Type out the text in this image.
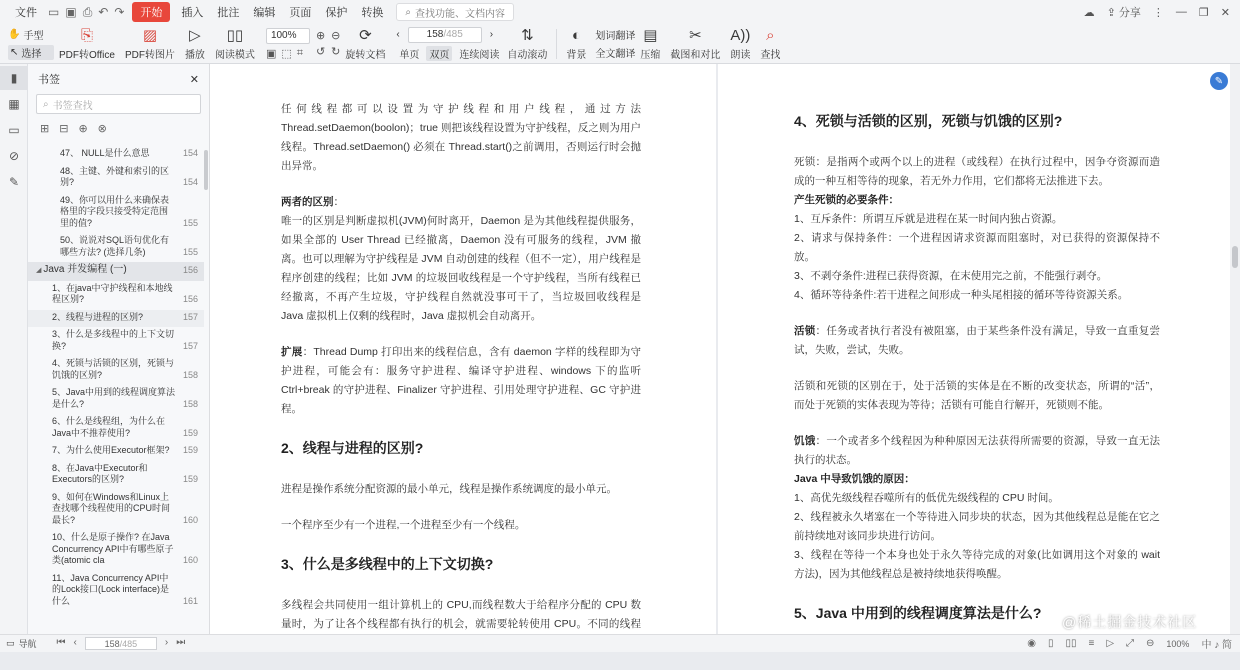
文件 ▭ ▣ ⎙ ↶ ↷	开始	插入	批注	编辑	页面	保护	转换	⌕ 查找功能、文档内容	☁ ⇪ 分享 ⋮ — ❐ ✕
✋ 手型
↖ 选择
⎘
PDF转Office
▨
PDF转图片
▷
播放
▯▯
阅读模式
100%
▣ ⬚ ⌗
⊕ ⊖
↺ ↻
⟳
旋转文档
‹	158 /485	›
单页	双页	连续阅读
⇅
自动滚动
◐
背景
划词翻译
全文翻译
▤
压缩
✂
截图和对比
A))
朗读
⌕
查找
▮
▦
▭
⊘
✎
书签	✕
⌕ 书签查找
⊞ ⊟ ⊕ ⊗
47、 NULL是什么意思	154
48、主键、外键和索引的区别?	154
49、你可以用什么来确保表格里的字段只接受特定范围里的值?	155
50、说说对SQL语句优化有哪些方法? (选择几条)	155
◢ Java 并发编程 (一)	156
1、在java中守护线程和本地线程区别?	156
2、线程与进程的区别?	157
3、什么是多线程中的上下文切换?	157
4、死锁与活锁的区别，死锁与饥饿的区别?	158
5、Java中用到的线程调度算法是什么?	158
6、什么是线程组，为什么在Java中不推荐使用?	159
7、为什么使用Executor框架?	159
8、在Java中Executor和Executors的区别?	159
9、如何在Windows和Linux上查找哪个线程使用的CPU时间最长?	160
10、什么是原子操作? 在Java Concurrency API中有哪些原子类(atomic cla	160
11、Java Concurrency API中的Lock接口(Lock interface)是什么	161

任何线程都可以设置为守护线程和用户线程，通过方法 Thread.setDaemon(boolon)；true 则把该线程设置为守护线程，反之则为用户线程。Thread.setDaemon() 必须在 Thread.start()之前调用，否则运行时会抛出异常。

两者的区别：

唯一的区别是判断虚拟机(JVM)何时离开，Daemon 是为其他线程提供服务，如果全部的 User Thread 已经撤离，Daemon 没有可服务的线程，JVM 撤离。也可以理解为守护线程是 JVM 自动创建的线程（但不一定），用户线程是程序创建的线程；比如 JVM 的垃圾回收线程是一个守护线程，当所有线程已经撤离，不再产生垃圾，守护线程自然就没事可干了，当垃圾回收线程是 Java 虚拟机上仅剩的线程时，Java 虚拟机会自动离开。

扩展：Thread Dump 打印出来的线程信息，含有 daemon 字样的线程即为守护进程，可能会有：服务守护进程、编译守护进程、windows 下的监听 Ctrl+break 的守护进程、Finalizer 守护进程、引用处理守护进程、GC 守护进程。

2、线程与进程的区别?

进程是操作系统分配资源的最小单元，线程是操作系统调度的最小单元。

一个程序至少有一个进程,一个进程至少有一个线程。

3、什么是多线程中的上下文切换?

多线程会共同使用一组计算机上的 CPU,而线程数大于给程序分配的 CPU 数量时，为了让各个线程都有执行的机会，就需要轮转使用 CPU。不同的线程

4、死锁与活锁的区别，死锁与饥饿的区别?

死锁：是指两个或两个以上的进程（或线程）在执行过程中，因争夺资源而造成的一种互相等待的现象，若无外力作用，它们都将无法推进下去。

产生死锁的必要条件：

1、互斥条件：所谓互斥就是进程在某一时间内独占资源。

2、请求与保持条件：一个进程因请求资源而阻塞时，对已获得的资源保持不放。

3、不剥夺条件:进程已获得资源，在末使用完之前，不能强行剥夺。

4、循环等待条件:若干进程之间形成一种头尾相接的循环等待资源关系。

活锁：任务或者执行者没有被阻塞，由于某些条件没有满足，导致一直重复尝试，失败，尝试，失败。

活锁和死锁的区别在于，处于活锁的实体是在不断的改变状态，所谓的“活”， 而处于死锁的实体表现为等待；活锁有可能自行解开，死锁则不能。

饥饿：一个或者多个线程因为种种原因无法获得所需要的资源，导致一直无法执行的状态。

Java 中导致饥饿的原因：

1、高优先级线程吞噬所有的低优先级线程的 CPU 时间。

2、线程被永久堵塞在一个等待进入同步块的状态，因为其他线程总是能在它之前持续地对该同步块进行访问。

3、线程在等待一个本身也处于永久等待完成的对象(比如调用这个对象的 wait 方法)，因为其他线程总是被持续地获得唤醒。

5、Java 中用到的线程调度算法是什么?
✎
▭ 导航 ⏮ ‹	158 /485	› ⏭	◉ ▯ ▯▯ ≡ ▷ ⤢ ⊖ 100% 中 ♪ 简
@稀土掘金技术社区
